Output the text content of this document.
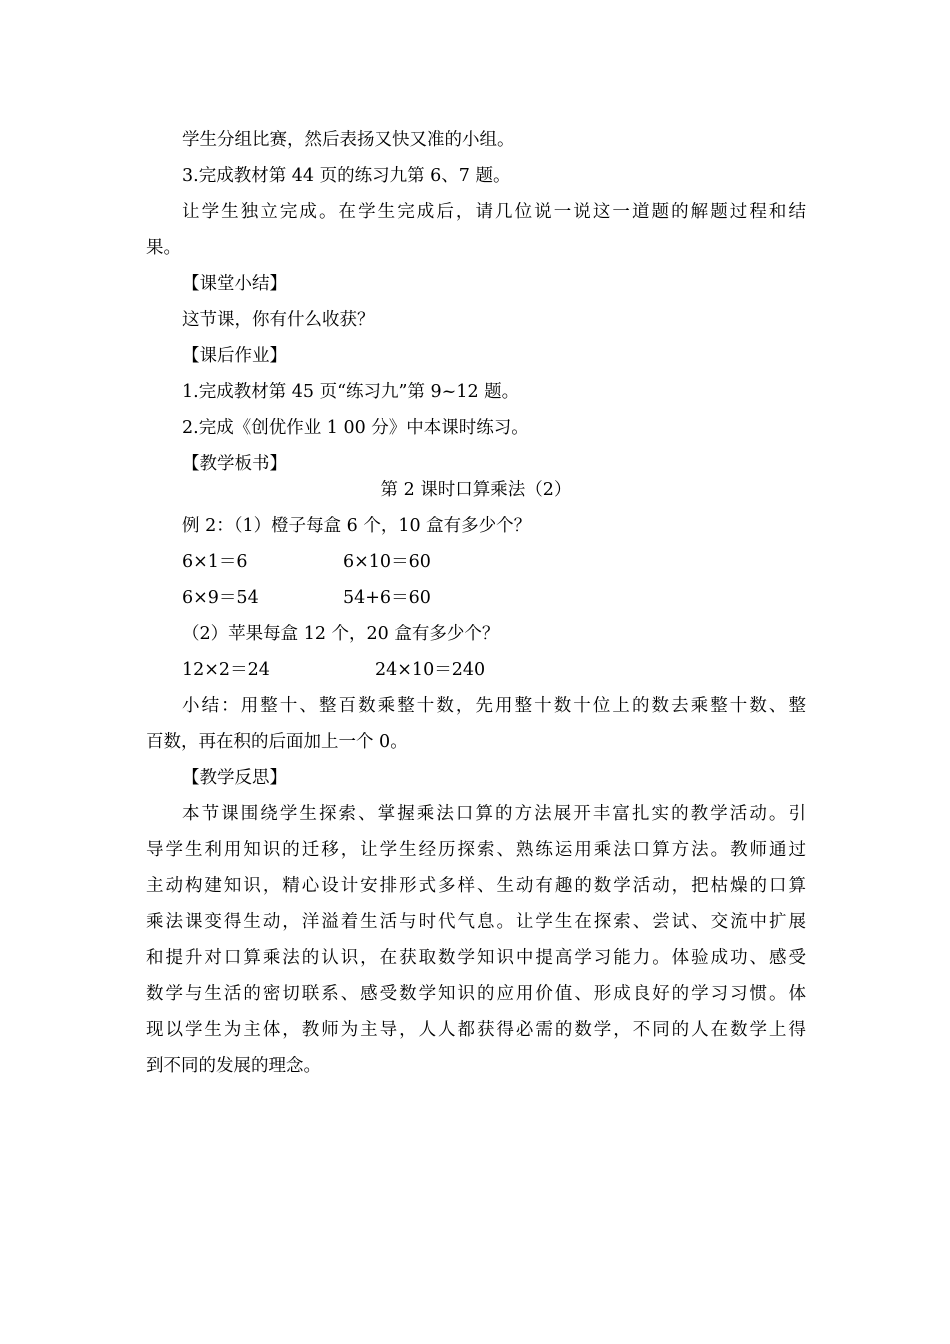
学生分组比赛，然后表扬又快又准的小组。
3.完成教材第 44 页的练习九第 6、7 题。
让学生独立完成。在学生完成后，请几位说一说这一道题的解题过程和结
果。
【课堂小结】
这节课，你有什么收获？
【课后作业】
1.完成教材第 45 页“练习九”第 9~12 题。
2.完成《创优作业 1 00 分》中本课时练习。
【教学板书】
第 2 课时口算乘法（2）
例 2：（1）橙子每盒 6 个，10 盒有多少个？
6×1＝6	6×10＝60
6×9＝54	54+6＝60
（2）苹果每盒 12 个，20 盒有多少个？
12×2＝24	24×10＝240
小结：用整十、整百数乘整十数，先用整十数十位上的数去乘整十数、整
百数，再在积的后面加上一个 0。
【教学反思】
本节课围绕学生探索、掌握乘法口算的方法展开丰富扎实的教学活动。引
导学生利用知识的迁移，让学生经历探索、熟练运用乘法口算方法。教师通过
主动构建知识，精心设计安排形式多样、生动有趣的数学活动，把枯燥的口算
乘法课变得生动，洋溢着生活与时代气息。让学生在探索、尝试、交流中扩展
和提升对口算乘法的认识，在获取数学知识中提高学习能力。体验成功、感受
数学与生活的密切联系、感受数学知识的应用价值、形成良好的学习习惯。体
现以学生为主体，教师为主导，人人都获得必需的数学，不同的人在数学上得
到不同的发展的理念。
